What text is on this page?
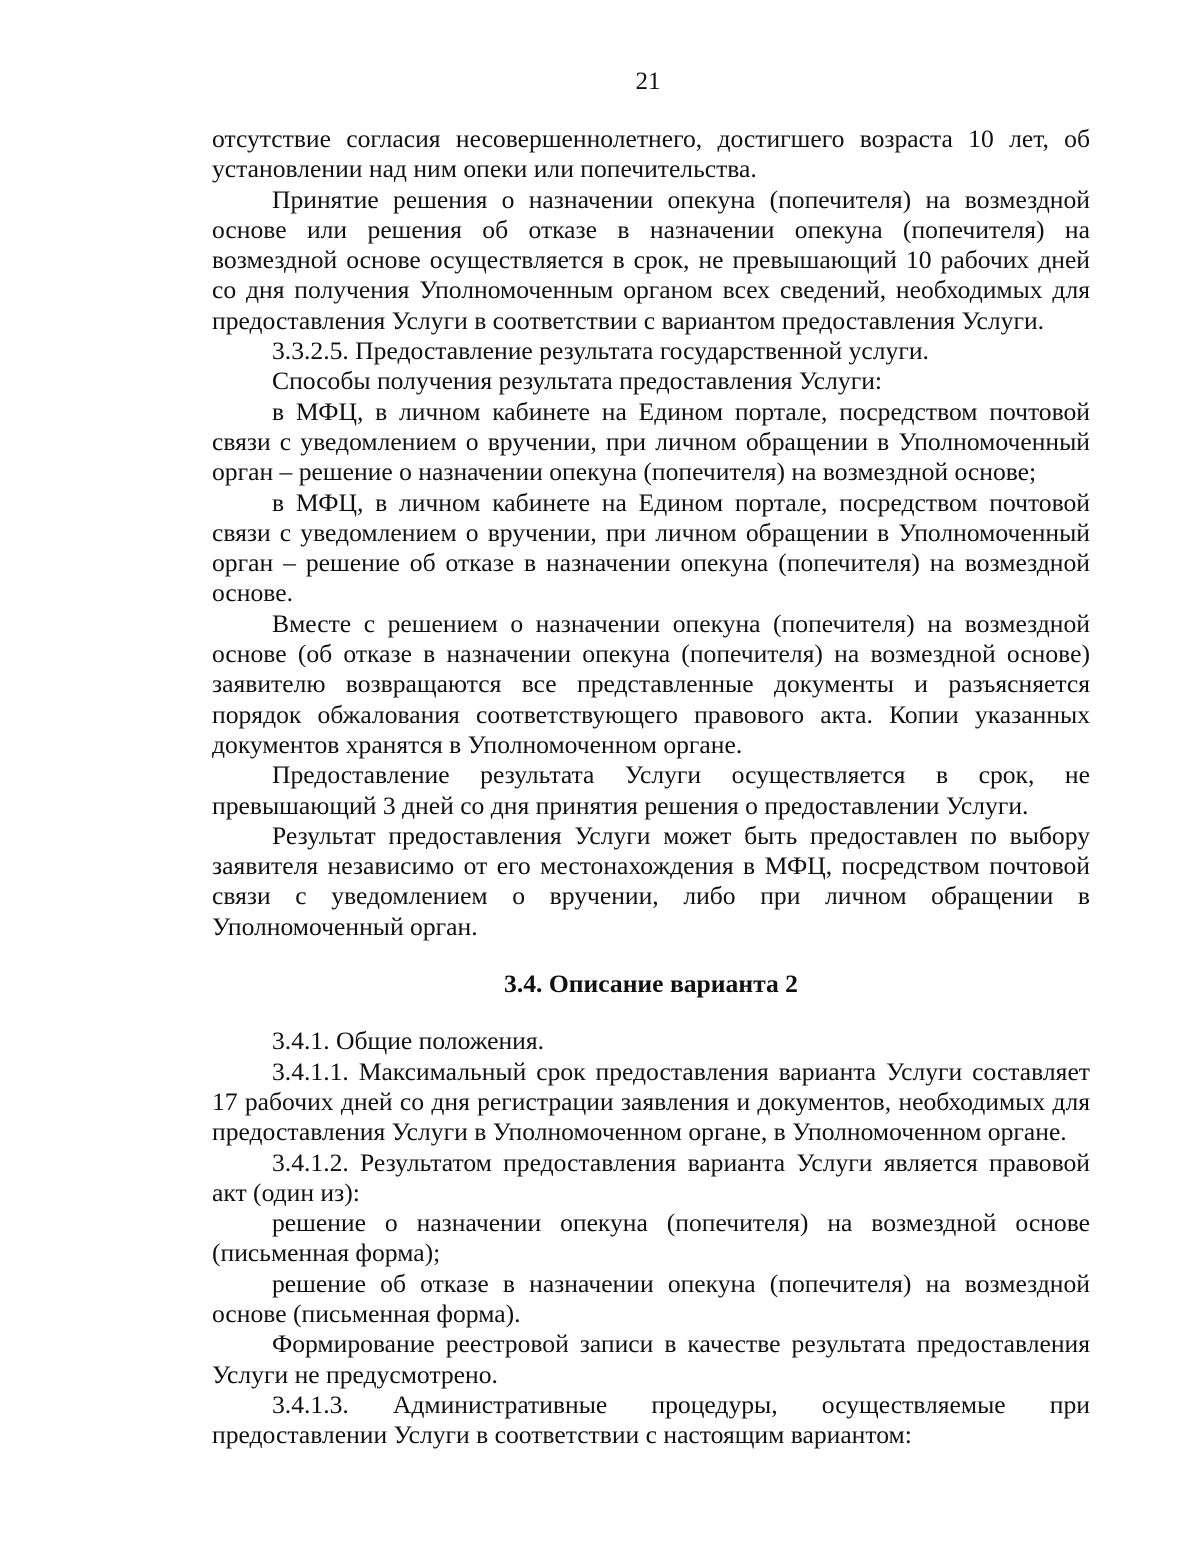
21

отсутствие согласия несовершеннолетнего, достигшего возраста 10 лет, об установлении над ним опеки или попечительства.

Принятие решения о назначении опекуна (попечителя) на возмездной основе или решения об отказе в назначении опекуна (попечителя) на возмездной основе осуществляется в срок, не превышающий 10 рабочих дней со дня получения Уполномоченным органом всех сведений, необходимых для предоставления Услуги в соответствии с вариантом предоставления Услуги.

3.3.2.5. Предоставление результата государственной услуги.

Способы получения результата предоставления Услуги:

в МФЦ, в личном кабинете на Едином портале, посредством почтовой связи с уведомлением о вручении, при личном обращении в Уполномоченный орган – решение о назначении опекуна (попечителя) на возмездной основе;

в МФЦ, в личном кабинете на Едином портале, посредством почтовой связи с уведомлением о вручении, при личном обращении в Уполномоченный орган – решение об отказе в назначении опекуна (попечителя) на возмездной основе.

Вместе с решением о назначении опекуна (попечителя) на возмездной основе (об отказе в назначении опекуна (попечителя) на возмездной основе) заявителю возвращаются все представленные документы и разъясняется порядок обжалования соответствующего правового акта. Копии указанных документов хранятся в Уполномоченном органе.

Предоставление результата Услуги осуществляется в срок, не превышающий 3 дней со дня принятия решения о предоставлении Услуги.

Результат предоставления Услуги может быть предоставлен по выбору заявителя независимо от его местонахождения в МФЦ, посредством почтовой связи с уведомлением о вручении, либо при личном обращении в Уполномоченный орган.

3.4. Описание варианта 2

3.4.1. Общие положения.

3.4.1.1. Максимальный срок предоставления варианта Услуги составляет 17 рабочих дней со дня регистрации заявления и документов, необходимых для предоставления Услуги в Уполномоченном органе, в Уполномоченном органе.

3.4.1.2. Результатом предоставления варианта Услуги является правовой акт (один из):

решение о назначении опекуна (попечителя) на возмездной основе (письменная форма);

решение об отказе в назначении опекуна (попечителя) на возмездной основе (письменная форма).

Формирование реестровой записи в качестве результата предоставления Услуги не предусмотрено.

3.4.1.3. Административные процедуры, осуществляемые при предоставлении Услуги в соответствии с настоящим вариантом:
